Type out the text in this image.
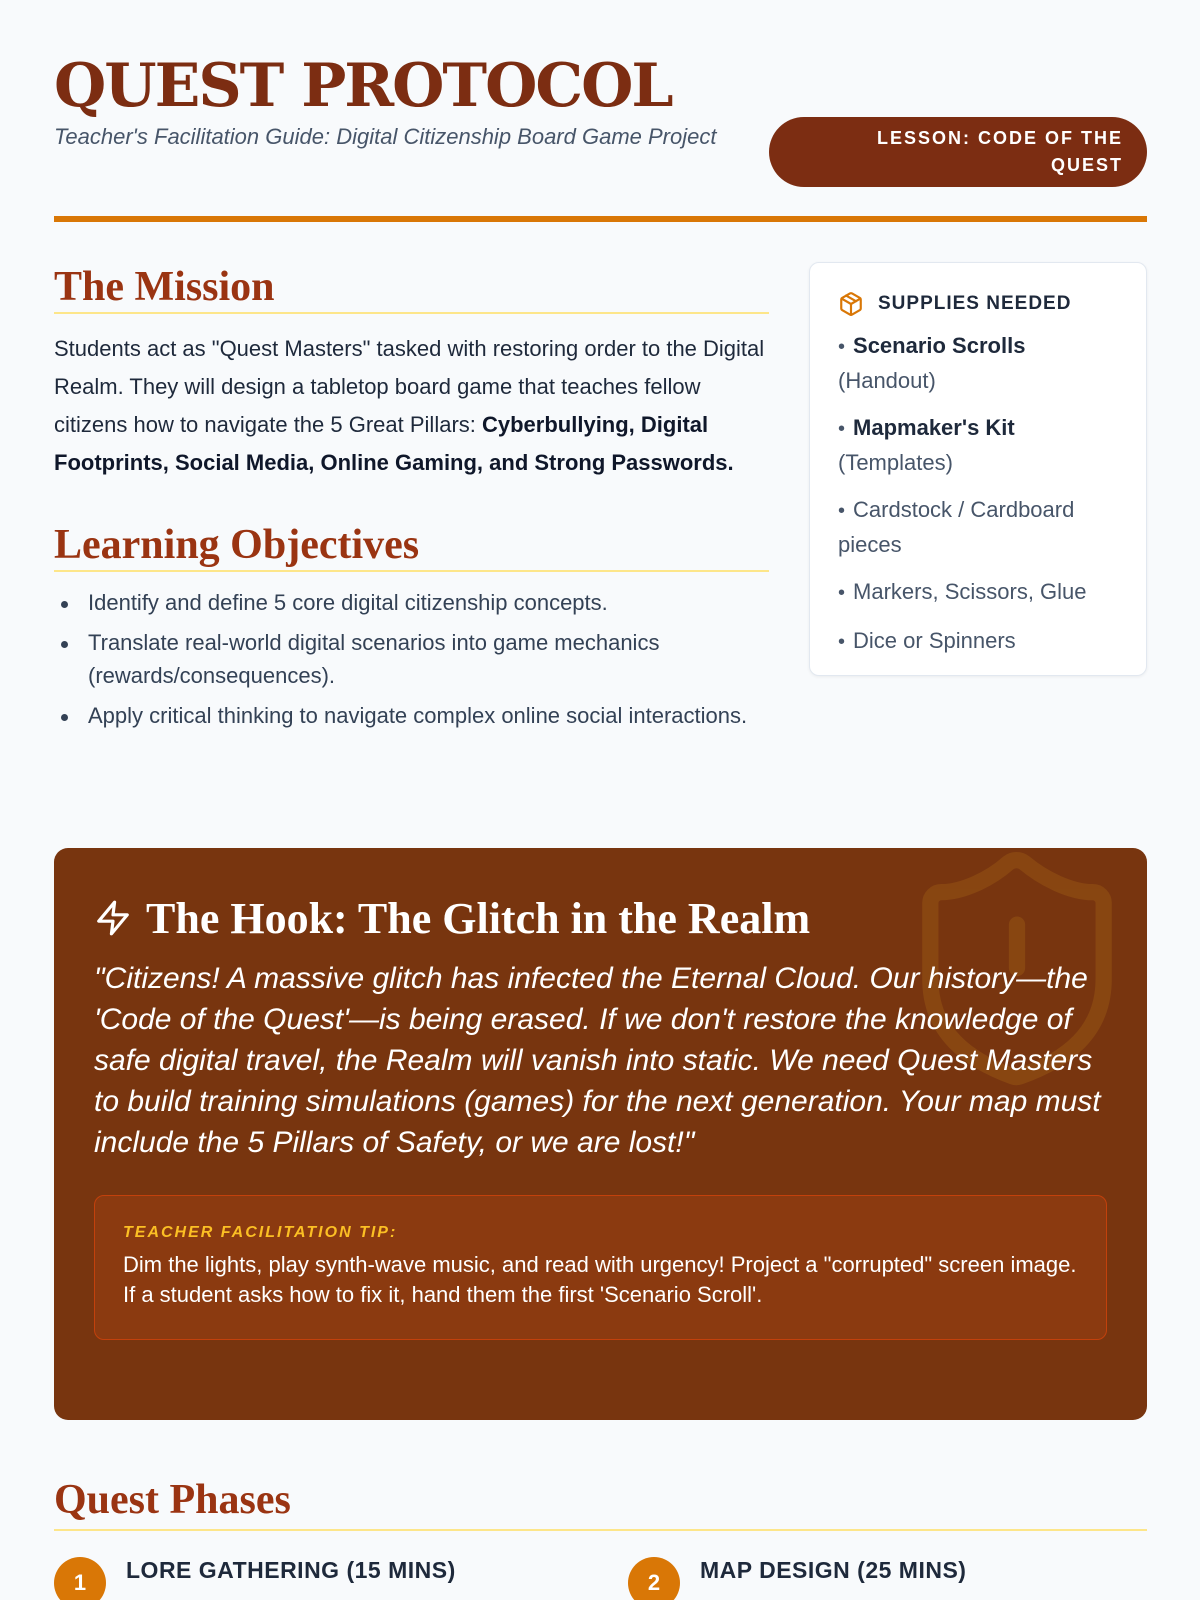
QUEST PROTOCOL
Teacher's Facilitation Guide: Digital Citizenship Board Game Project	LESSON: CODE OF THE QUEST
The Mission

Students act as "Quest Masters" tasked with restoring order to the Digital Realm. They will design a tabletop board game that teaches fellow citizens how to navigate the 5 Great Pillars: Cyberbullying, Digital Footprints, Social Media, Online Gaming, and Strong Passwords.

Learning Objectives
Identify and define 5 core digital citizenship concepts.
Translate real-world digital scenarios into game mechanics (rewards/consequences).
Apply critical thinking to navigate complex online social interactions.
SUPPLIES NEEDED
• Scenario Scrolls
(Handout)
• Mapmaker's Kit
(Templates)
• Cardstock / Cardboard pieces
• Markers, Scissors, Glue
• Dice or Spinners
The Hook: The Glitch in the Realm

"Citizens! A massive glitch has infected the Eternal Cloud. Our history—the 'Code of the Quest'—is being erased. If we don't restore the knowledge of safe digital travel, the Realm will vanish into static. We need Quest Masters to build training simulations (games) for the next generation. Your map must include the 5 Pillars of Safety, or we are lost!"

TEACHER FACILITATION TIP:
Dim the lights, play synth-wave music, and read with urgency! Project a "corrupted" screen image. If a student asks how to fix it, hand them the first 'Scenario Scroll'.
Quest Phases
1	LORE GATHERING (15 MINS)	2	MAP DESIGN (25 MINS)
